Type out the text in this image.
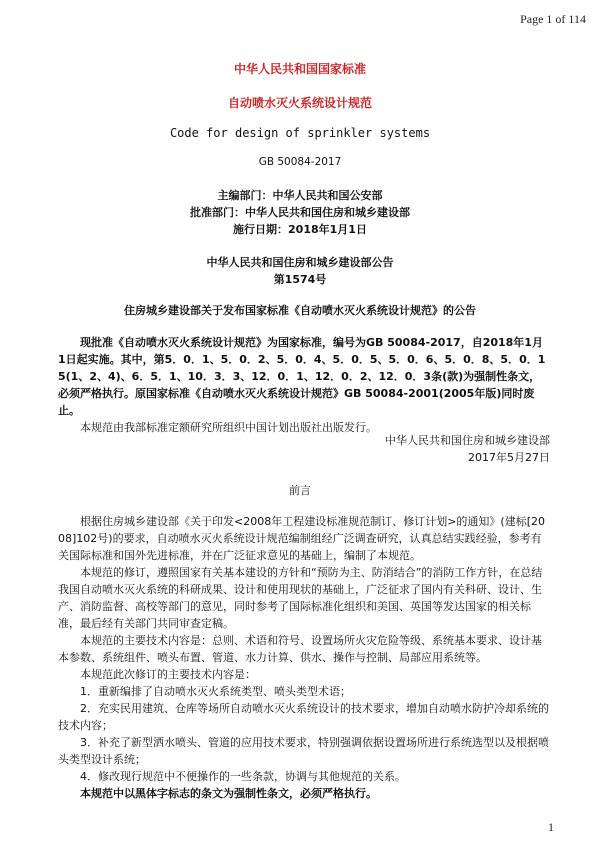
Page 1 of 114
中华人民共和国国家标准
自动喷水灭火系统设计规范
Code for design of sprinkler systems
GB 50084-2017
主编部门：中华人民共和国公安部
批准部门：中华人民共和国住房和城乡建设部
施行日期：2018年1月1日
中华人民共和国住房和城乡建设部公告
第1574号
住房城乡建设部关于发布国家标准《自动喷水灭火系统设计规范》的公告

现批准《自动喷水灭火系统设计规范》为国家标准，编号为GB 50084-2017，自2018年1月1日起实施。其中，第5．0．1、5．0．2、5．0．4、5．0．5、5．0．6、5．0．8、5．0．15(1、2、4)、6．5．1、10．3．3、12．0．1、12．0．2、12．0．3条(款)为强制性条文，必须严格执行。原国家标准《自动喷水灭火系统设计规范》GB 50084-2001(2005年版)同时废止。

本规范由我部标准定额研究所组织中国计划出版社出版发行。

中华人民共和国住房和城乡建设部
2017年5月27日
前言

根据住房城乡建设部《关于印发<2008年工程建设标准规范制订、修订计划>的通知》(建标[2008]102号)的要求，自动喷水灭火系统设计规范编制组经广泛调查研究，认真总结实践经验，参考有关国际标准和国外先进标准，并在广泛征求意见的基础上，编制了本规范。

本规范的修订，遵照国家有关基本建设的方针和“预防为主、防消结合”的消防工作方针，在总结我国自动喷水灭火系统的科研成果、设计和使用现状的基础上，广泛征求了国内有关科研、设计、生产、消防监督、高校等部门的意见，同时参考了国际标准化组织和美国、英国等发达国家的相关标准，最后经有关部门共同审查定稿。

本规范的主要技术内容是：总则、术语和符号、设置场所火灾危险等级、系统基本要求、设计基本参数、系统组件、喷头布置、管道、水力计算、供水、操作与控制、局部应用系统等。

本规范此次修订的主要技术内容是：

1．重新编排了自动喷水灭火系统类型、喷头类型术语；

2．充实民用建筑、仓库等场所自动喷水灭火系统设计的技术要求，增加自动喷水防护冷却系统的技术内容；

3．补充了新型洒水喷头、管道的应用技术要求，特别强调依据设置场所进行系统选型以及根据喷头类型设计系统；

4．修改现行规范中不便操作的一些条款，协调与其他规范的关系。

本规范中以黑体字标志的条文为强制性条文，必须严格执行。

1
